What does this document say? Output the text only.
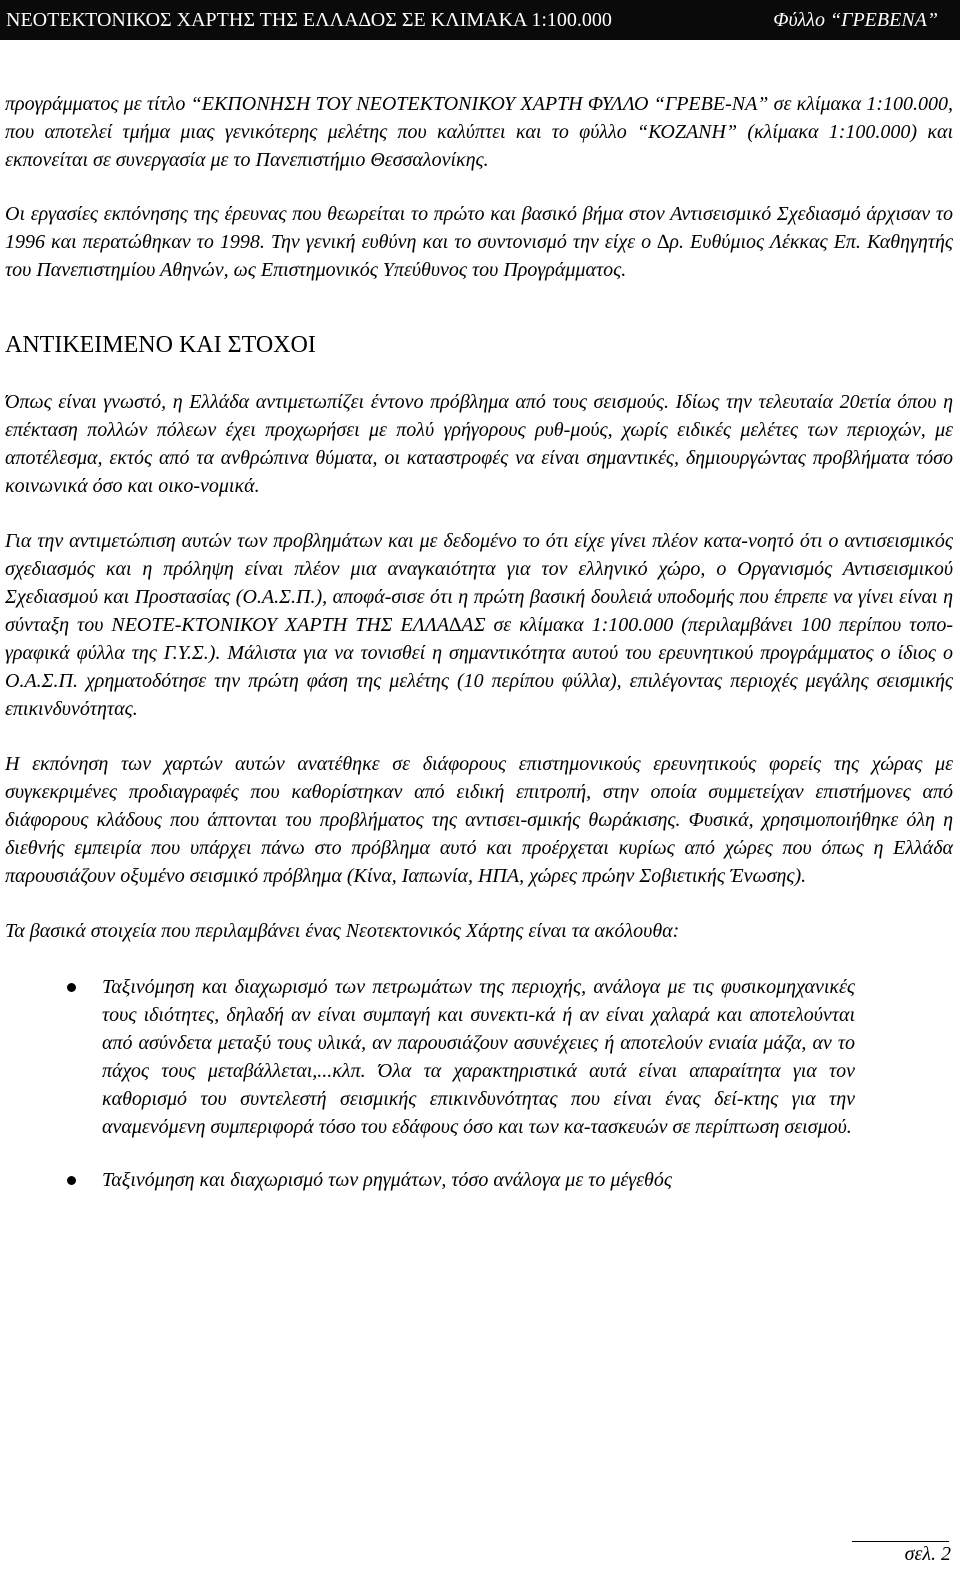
ΝΕΟΤΕΚΤΟΝΙΚΟΣ ΧΑΡΤΗΣ ΤΗΣ ΕΛΛΑ∆ΟΣ ΣΕ ΚΛΙΜΑΚΑ 1:100.000	Φύλλο “ΓΡΕΒΕΝΑ”

προγράμματος με τίτλο “ΕΚΠΟΝΗΣΗ ΤΟΥ ΝΕΟΤΕΚΤΟΝΙΚΟΥ ΧΑΡΤΗ ΦΥΛΛΟ “ΓΡΕΒΕ-ΝΑ” σε κλίμακα 1:100.000, που αποτελεί τμήμα μιας γενικότερης μελέτης που καλύπτει και το φύλλο “ΚΟΖΑΝΗ” (κλίμακα 1:100.000) και εκπονείται σε συνεργασία με το Πανεπιστήμιο Θεσσαλονίκης.

Οι εργασίες εκπόνησης της έρευνας που θεωρείται το πρώτο και βασικό βήμα στον Αντισεισμικό Σχεδιασμό άρχισαν το 1996 και περατώθηκαν το 1998. Την γενική ευθύνη και το συντονισμό την είχε ο ∆ρ. Ευθύμιος Λέκκας Επ. Καθηγητής του Πανεπιστημίου Αθηνών, ως Επιστημονικός Υπεύθυνος του Προγράμματος.

ΑΝΤΙΚΕΙΜΕΝΟ ΚΑΙ ΣΤΟΧΟΙ

Όπως είναι γνωστό, η Ελλάδα αντιμετωπίζει έντονο πρόβλημα από τους σεισμούς. Ιδίως την τελευταία 20ετία όπου η επέκταση πολλών πόλεων έχει προχωρήσει με πολύ γρήγορους ρυθ-μούς, χωρίς ειδικές μελέτες των περιοχών, με αποτέλεσμα, εκτός από τα ανθρώπινα θύματα, οι καταστροφές να είναι σημαντικές, δημιουργώντας προβλήματα τόσο κοινωνικά όσο και οικο-νομικά.

Για την αντιμετώπιση αυτών των προβλημάτων και με δεδομένο το ότι είχε γίνει πλέον κατα-νοητό ότι ο αντισεισμικός σχεδιασμός και η πρόληψη είναι πλέον μια αναγκαιότητα για τον ελληνικό χώρο, ο Οργανισμός Αντισεισμικού Σχεδιασμού και Προστασίας (Ο.Α.Σ.Π.), αποφά-σισε ότι η πρώτη βασική δουλειά υποδομής που έπρεπε να γίνει είναι η σύνταξη του ΝΕΟΤΕ-ΚΤΟΝΙΚΟΥ ΧΑΡΤΗ ΤΗΣ ΕΛΛΑ∆ΑΣ σε κλίμακα 1:100.000 (περιλαμβάνει 100 περίπου τοπο-γραφικά φύλλα της Γ.Υ.Σ.). Μάλιστα για να τονισθεί η σημαντικότητα αυτού του ερευνητικού προγράμματος ο ίδιος ο Ο.Α.Σ.Π. χρηματοδότησε την πρώτη φάση της μελέτης (10 περίπου φύλλα), επιλέγοντας περιοχές μεγάλης σεισμικής επικινδυνότητας.

Η εκπόνηση των χαρτών αυτών ανατέθηκε σε διάφορους επιστημονικούς ερευνητικούς φορείς της χώρας με συγκεκριμένες προδιαγραφές που καθορίστηκαν από ειδική επιτροπή, στην οποία συμμετείχαν επιστήμονες από διάφορους κλάδους που άπτονται του προβλήματος της αντισει-σμικής θωράκισης. Φυσικά, χρησιμοποιήθηκε όλη η διεθνής εμπειρία που υπάρχει πάνω στο πρόβλημα αυτό και προέρχεται κυρίως από χώρες που όπως η Ελλάδα παρουσιάζουν οξυμένο σεισμικό πρόβλημα (Κίνα, Ιαπωνία, ΗΠΑ, χώρες πρώην Σοβιετικής Ένωσης).

Τα βασικά στοιχεία που περιλαμβάνει ένας Νεοτεκτονικός Χάρτης είναι τα ακόλουθα:

Ταξινόμηση και διαχωρισμό των πετρωμάτων της περιοχής, ανάλογα με τις φυσικομηχανικές τους ιδιότητες, δηλαδή αν είναι συμπαγή και συνεκτι-κά ή αν είναι χαλαρά και αποτελούνται από ασύνδετα μεταξύ τους υλικά, αν παρουσιάζουν ασυνέχειες ή αποτελούν ενιαία μάζα, αν το πάχος τους μεταβάλλεται,...κλπ. Όλα τα χαρακτηριστικά αυτά είναι απαραίτητα για τον καθορισμό του συντελεστή σεισμικής επικινδυνότητας που είναι ένας δεί-κτης για την αναμενόμενη συμπεριφορά τόσο του εδάφους όσο και των κα-τασκευών σε περίπτωση σεισμού.
Ταξινόμηση και διαχωρισμό των ρηγμάτων, τόσο ανάλογα με το μέγεθός
σελ. 2
